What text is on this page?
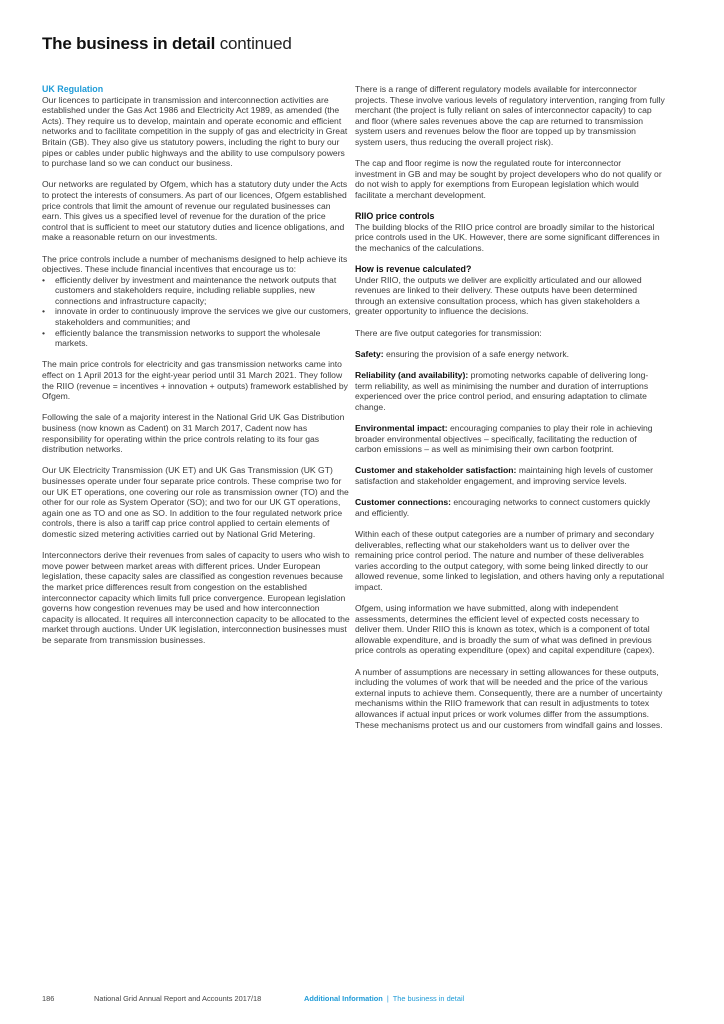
The business in detail continued
UK Regulation

Our licences to participate in transmission and interconnection activities are established under the Gas Act 1986 and Electricity Act 1989, as amended (the Acts). They require us to develop, maintain and operate economic and efficient networks and to facilitate competition in the supply of gas and electricity in Great Britain (GB). They also give us statutory powers, including the right to bury our pipes or cables under public highways and the ability to use compulsory powers to purchase land so we can conduct our business.

Our networks are regulated by Ofgem, which has a statutory duty under the Acts to protect the interests of consumers. As part of our licences, Ofgem established price controls that limit the amount of revenue our regulated businesses can earn. This gives us a specified level of revenue for the duration of the price control that is sufficient to meet our statutory duties and licence obligations, and make a reasonable return on our investments.

The price controls include a number of mechanisms designed to help achieve its objectives. These include financial incentives that encourage us to:

• efficiently deliver by investment and maintenance the network outputs that customers and stakeholders require, including reliable supplies, new connections and infrastructure capacity;
• innovate in order to continuously improve the services we give our customers, stakeholders and communities; and
• efficiently balance the transmission networks to support the wholesale markets.

The main price controls for electricity and gas transmission networks came into effect on 1 April 2013 for the eight-year period until 31 March 2021. They follow the RIIO (revenue = incentives + innovation + outputs) framework established by Ofgem.

Following the sale of a majority interest in the National Grid UK Gas Distribution business (now known as Cadent) on 31 March 2017, Cadent now has responsibility for operating within the price controls relating to its four gas distribution networks.

Our UK Electricity Transmission (UK ET) and UK Gas Transmission (UK GT) businesses operate under four separate price controls. These comprise two for our UK ET operations, one covering our role as transmission owner (TO) and the other for our role as System Operator (SO); and two for our UK GT operations, again one as TO and one as SO. In addition to the four regulated network price controls, there is also a tariff cap price control applied to certain elements of domestic sized metering activities carried out by National Grid Metering.

Interconnectors derive their revenues from sales of capacity to users who wish to move power between market areas with different prices. Under European legislation, these capacity sales are classified as congestion revenues because the market price differences result from congestion on the established interconnector capacity which limits full price convergence. European legislation governs how congestion revenues may be used and how interconnection capacity is allocated. It requires all interconnection capacity to be allocated to the market through auctions. Under UK legislation, interconnection businesses must be separate from transmission businesses.

There is a range of different regulatory models available for interconnector projects. These involve various levels of regulatory intervention, ranging from fully merchant (the project is fully reliant on sales of interconnector capacity) to cap and floor (where sales revenues above the cap are returned to transmission system users and revenues below the floor are topped up by transmission system users, thus reducing the overall project risk).

The cap and floor regime is now the regulated route for interconnector investment in GB and may be sought by project developers who do not qualify or do not wish to apply for exemptions from European legislation which would facilitate a merchant development.

RIIO price controls

The building blocks of the RIIO price control are broadly similar to the historical price controls used in the UK. However, there are some significant differences in the mechanics of the calculations.

How is revenue calculated?

Under RIIO, the outputs we deliver are explicitly articulated and our allowed revenues are linked to their delivery. These outputs have been determined through an extensive consultation process, which has given stakeholders a greater opportunity to influence the decisions.

There are five output categories for transmission:

Safety: ensuring the provision of a safe energy network.

Reliability (and availability): promoting networks capable of delivering long-term reliability, as well as minimising the number and duration of interruptions experienced over the price control period, and ensuring adaptation to climate change.

Environmental impact: encouraging companies to play their role in achieving broader environmental objectives – specifically, facilitating the reduction of carbon emissions – as well as minimising their own carbon footprint.

Customer and stakeholder satisfaction: maintaining high levels of customer satisfaction and stakeholder engagement, and improving service levels.

Customer connections: encouraging networks to connect customers quickly and efficiently.

Within each of these output categories are a number of primary and secondary deliverables, reflecting what our stakeholders want us to deliver over the remaining price control period. The nature and number of these deliverables varies according to the output category, with some being linked directly to our allowed revenue, some linked to legislation, and others having only a reputational impact.

Ofgem, using information we have submitted, along with independent assessments, determines the efficient level of expected costs necessary to deliver them. Under RIIO this is known as totex, which is a component of total allowable expenditure, and is broadly the sum of what was defined in previous price controls as operating expenditure (opex) and capital expenditure (capex).

A number of assumptions are necessary in setting allowances for these outputs, including the volumes of work that will be needed and the price of the various external inputs to achieve them. Consequently, there are a number of uncertainty mechanisms within the RIIO framework that can result in adjustments to totex allowances if actual input prices or work volumes differ from the assumptions. These mechanisms protect us and our customers from windfall gains and losses.

186	National Grid Annual Report and Accounts 2017/18	Additional Information | The business in detail
